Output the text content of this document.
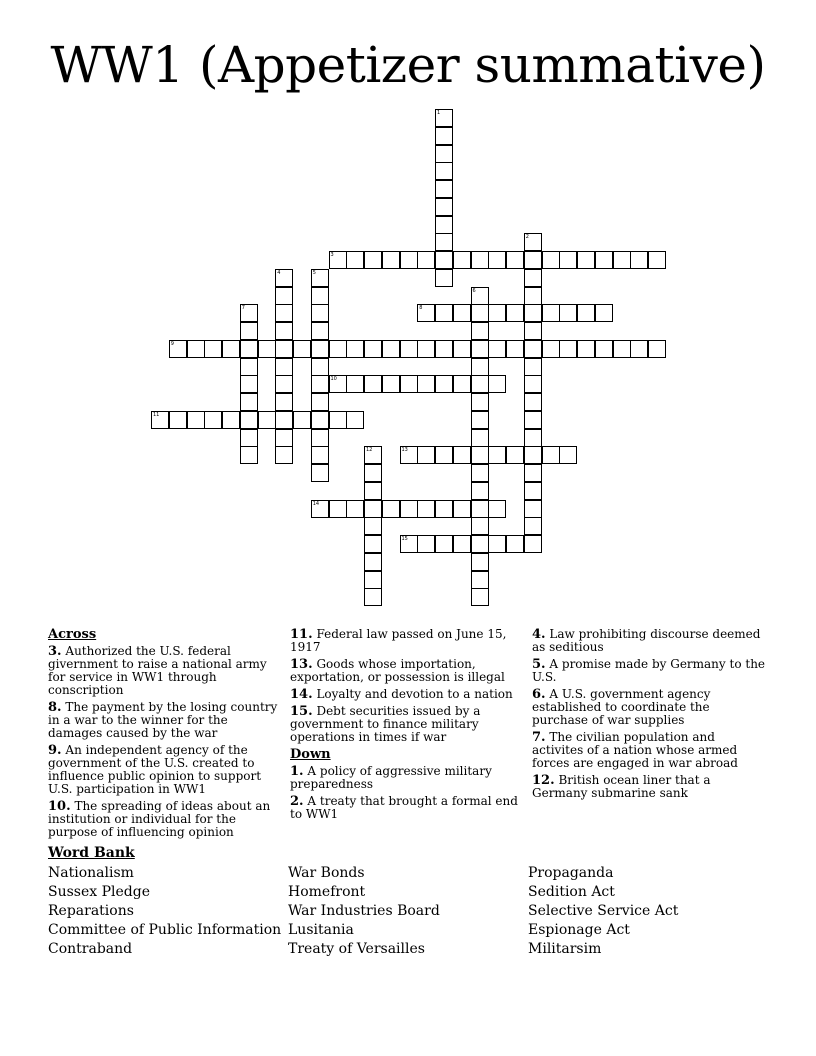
WW1 (Appetizer summative)
1
2
3
4	5
6
7	8
9
10
11
12	13
14
15
Across
3. Authorized the U.S. federal givernment to raise a national army for service in WW1 through conscription
8. The payment by the losing country in a war to the winner for the damages caused by the war
9. An independent agency of the government of the U.S. created to influence public opinion to support U.S. participation in WW1
10. The spreading of ideas about an institution or individual for the purpose of influencing opinion
11. Federal law passed on June 15, 1917
13. Goods whose importation, exportation, or possession is illegal
14. Loyalty and devotion to a nation
15. Debt securities issued by a government to finance military operations in times if war
Down
1. A policy of aggressive military preparedness
2. A treaty that brought a formal end to WW1
4. Law prohibiting discourse deemed as seditious
5. A promise made by Germany to the U.S.
6. A U.S. government agency established to coordinate the purchase of war supplies
7. The civilian population and activites of a nation whose armed forces are engaged in war abroad
12. British ocean liner that a Germany submarine sank
Word Bank
Nationalism
Sussex Pledge
Reparations
Committee of Public Information
Contraband
War Bonds
Homefront
War Industries Board
Lusitania
Treaty of Versailles
Propaganda
Sedition Act
Selective Service Act
Espionage Act
Militarsim
